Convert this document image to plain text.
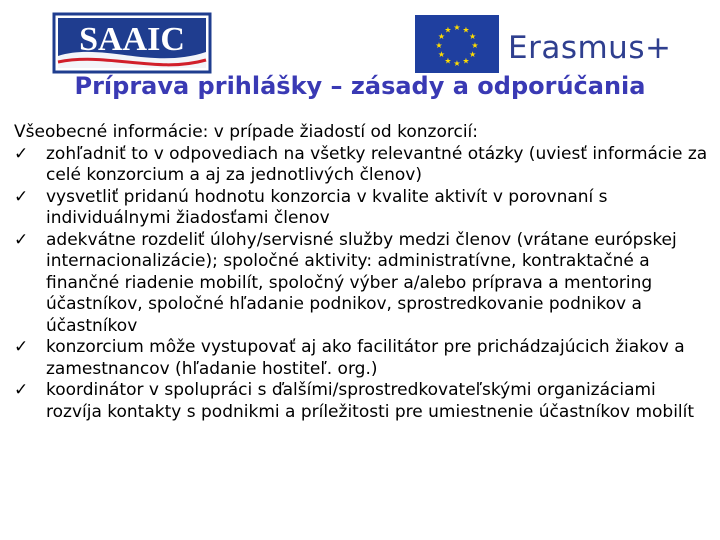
SAAIC	★ ★
★
★
★
★
★
★
★
★
★
★
Erasmus+
Príprava prihlášky – zásady a odporúčania

Všeobecné informácie: v prípade žiadostí od konzorcií:

✓ zohľadniť to v odpovediach na všetky relevantné otázky (uviesť informácie za celé konzorcium a aj za jednotlivých členov)
✓ vysvetliť pridanú hodnotu konzorcia v kvalite aktivít v porovnaní s individuálnymi žiadosťami členov
✓ adekvátne rozdeliť úlohy/servisné služby medzi členov (vrátane európskej internacionalizácie); spoločné aktivity: administratívne, kontraktačné a finančné riadenie mobilít, spoločný výber a/alebo príprava a mentoring účastníkov, spoločné hľadanie podnikov, sprostredkovanie podnikov a účastníkov
✓ konzorcium môže vystupovať aj ako facilitátor pre prichádzajúcich žiakov a zamestnancov (hľadanie hostiteľ. org.)
✓ koordinátor v spolupráci s ďalšími/sprostredkovateľskými organizáciami rozvíja kontakty s podnikmi a príležitosti pre umiestnenie účastníkov mobilít
